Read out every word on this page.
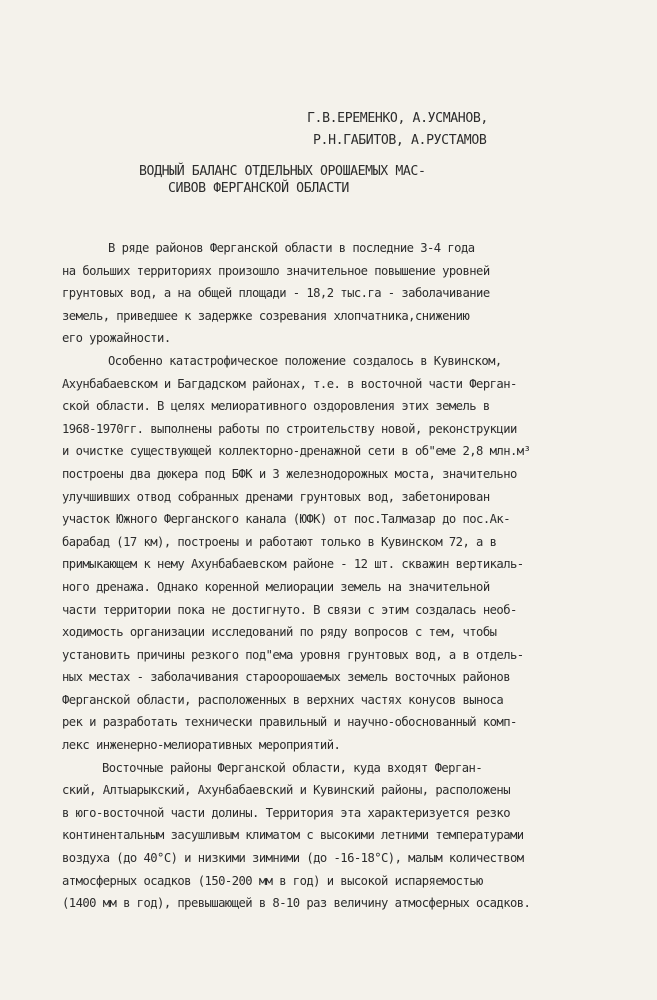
Г.В.ЕРЕМЕНКО, А.УСМАНОВ,
Р.Н.ГАБИТОВ, А.РУСТАМОВ
ВОДНЫЙ БАЛАНС ОТДЕЛЬНЫХ ОРОШАЕМЫХ МАС-
СИВОВ ФЕРГАНСКОЙ ОБЛАСТИ
В ряде районов Ферганской области в последние 3-4 года
на больших территориях произошло значительное повышение уровней
грунтовых вод, а на общей площади - 18,2 тыс.га - заболачивание
земель, приведшее к задержке созревания хлопчатника,снижению
его урожайности.
Особенно катастрофическое положение создалось в Кувинском,
Ахунбабаевском и Багдадском районах, т.е. в восточной части Ферган-
ской области. В целях мелиоративного оздоровления этих земель в
1968-1970гг. выполнены работы по строительству новой, реконструкции
и очистке существующей коллекторно-дренажной сети в об"еме 2,8 млн.м³
построены два дюкера под БФК и 3 железнодорожных моста, значительно
улучшивших отвод собранных дренами грунтовых вод, забетонирован
участок Южного Ферганского канала (ЮФК) от пос.Талмазар до пос.Ак-
барабад (17 км), построены и работают только в Кувинском 72, а в
примыкающем к нему Ахунбабаевском районе - 12 шт. скважин вертикаль-
ного дренажа. Однако коренной мелиорации земель на значительной
части территории пока не достигнуто. В связи с этим создалась необ-
ходимость организации исследований по ряду вопросов с тем, чтобы
установить причины резкого под"ема уровня грунтовых вод, а в отдель-
ных местах - заболачивания староорошаемых земель восточных районов
Ферганской области, расположенных в верхних частях конусов выноса
рек и разработать технически правильный и научно-обоснованный комп-
лекс инженерно-мелиоративных мероприятий.
Восточные районы Ферганской области, куда входят Ферган-
ский, Алтыарыкский, Ахунбабаевский и Кувинский районы, расположены
в юго-восточной части долины. Территория эта характеризуется резко
континентальным засушливым климатом с высокими летними температурами
воздуха (до 40°С) и низкими зимними (до -16-18°С), малым количеством
атмосферных осадков (150-200 мм в год) и высокой испаряемостью
(1400 мм в год), превышающей в 8-10 раз величину атмосферных осадков.
